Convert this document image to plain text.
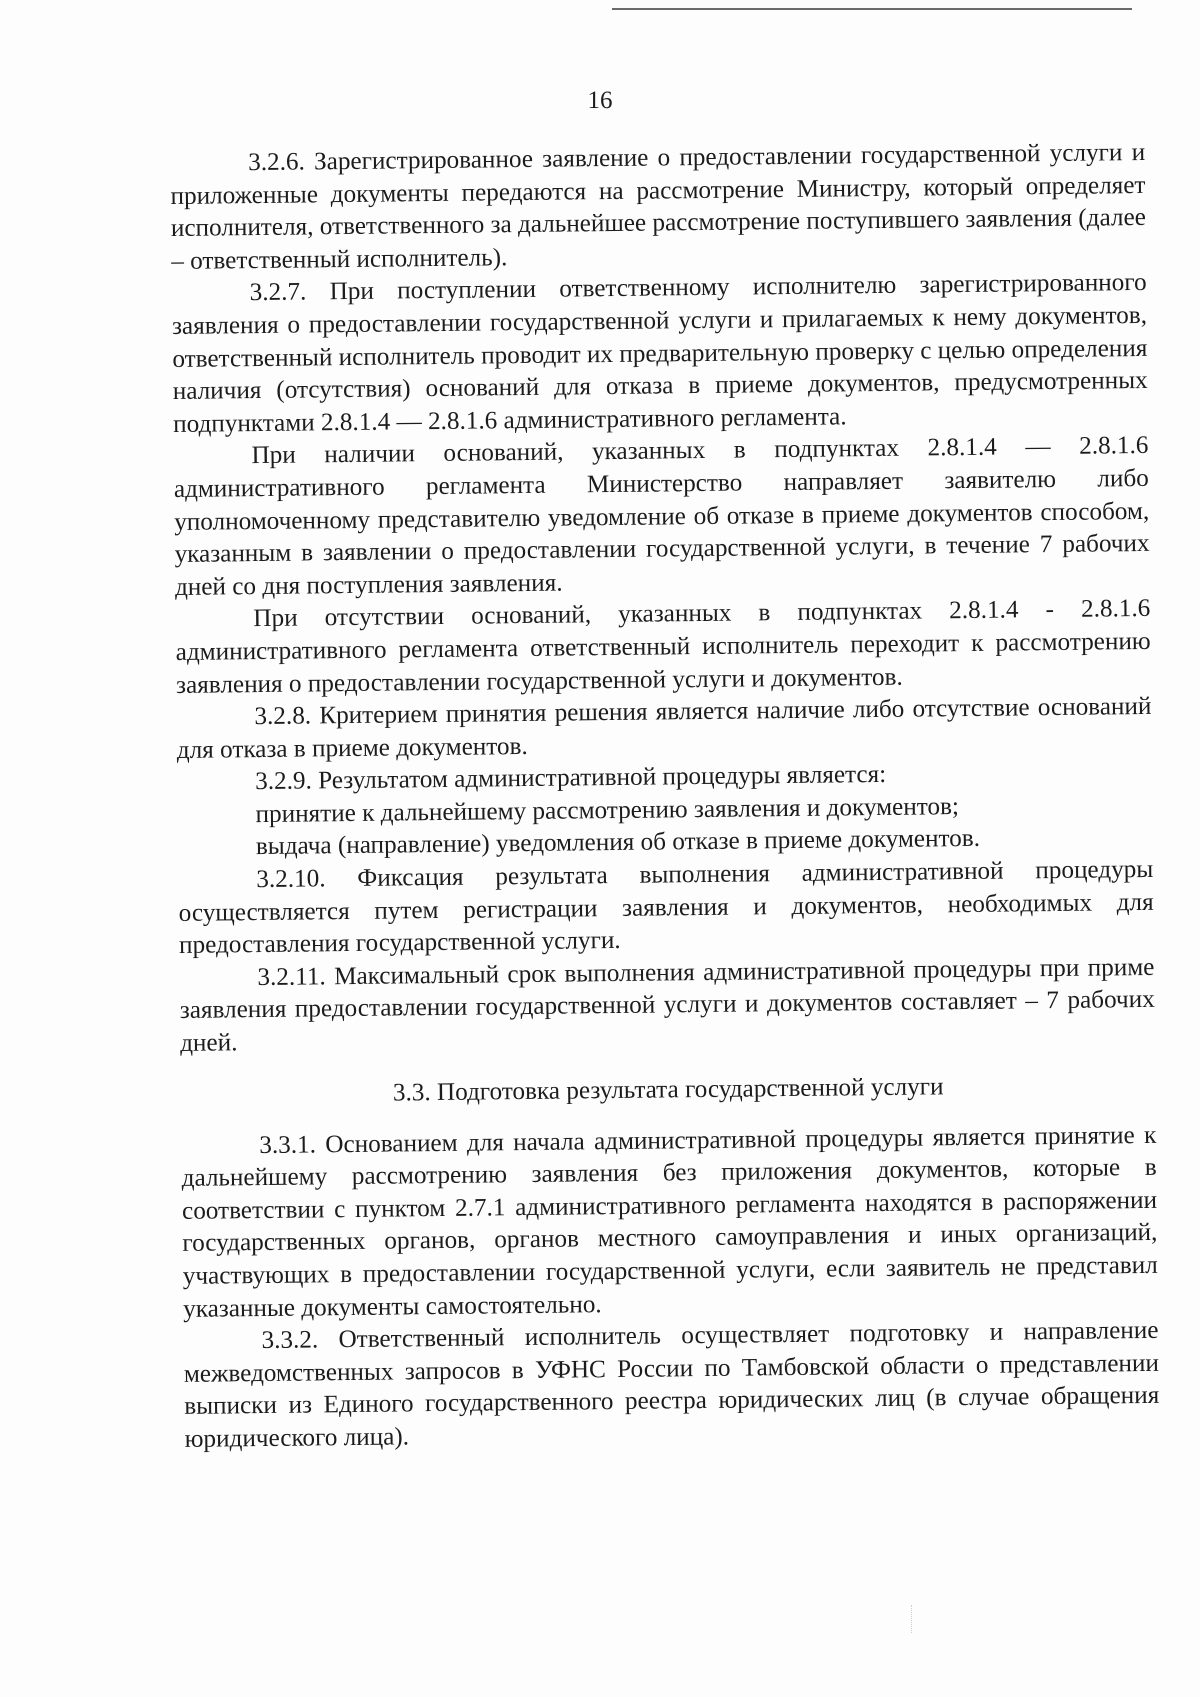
16

3.2.6. Зарегистрированное заявление о предоставлении государственной услуги и приложенные документы передаются на рассмотрение Министру, который определяет исполнителя, ответственного за дальнейшее рассмотрение поступившего заявления (далее – ответственный исполнитель).

3.2.7. При поступлении ответственному исполнителю зарегистрированного заявления о предоставлении государственной услуги и прилагаемых к нему документов, ответственный исполнитель проводит их предварительную проверку с целью определения наличия (отсутствия) оснований для отказа в приеме документов, предусмотренных подпунктами 2.8.1.4 — 2.8.1.6 административного регламента.

При наличии оснований, указанных в подпунктах 2.8.1.4 — 2.8.1.6 административного регламента Министерство направляет заявителю либо уполномоченному представителю уведомление об отказе в приеме документов способом, указанным в заявлении о предоставлении государственной услуги, в течение 7 рабочих дней со дня поступления заявления.

При отсутствии оснований, указанных в подпунктах 2.8.1.4 - 2.8.1.6 административного регламента ответственный исполнитель переходит к рассмотрению заявления о предоставлении государственной услуги и документов.

3.2.8. Критерием принятия решения является наличие либо отсутствие оснований для отказа в приеме документов.

3.2.9. Результатом административной процедуры является:

принятие к дальнейшему рассмотрению заявления и документов;

выдача (направление) уведомления об отказе в приеме документов.

3.2.10. Фиксация результата выполнения административной процедуры осуществляется путем регистрации заявления и документов, необходимых для предоставления государственной услуги.

3.2.11. Максимальный срок выполнения административной процедуры при приме заявления предоставлении государственной услуги и документов составляет – 7 рабочих дней.

3.3. Подготовка результата государственной услуги

3.3.1. Основанием для начала административной процедуры является принятие к дальнейшему рассмотрению заявления без приложения документов, которые в соответствии с пунктом 2.7.1 административного регламента находятся в распоряжении государственных органов, органов местного самоуправления и иных организаций, участвующих в предоставлении государственной услуги, если заявитель не представил указанные документы самостоятельно.

3.3.2. Ответственный исполнитель осуществляет подготовку и направление межведомственных запросов в УФНС России по Тамбовской области о представлении выписки из Единого государственного реестра юридических лиц (в случае обращения юридического лица).
